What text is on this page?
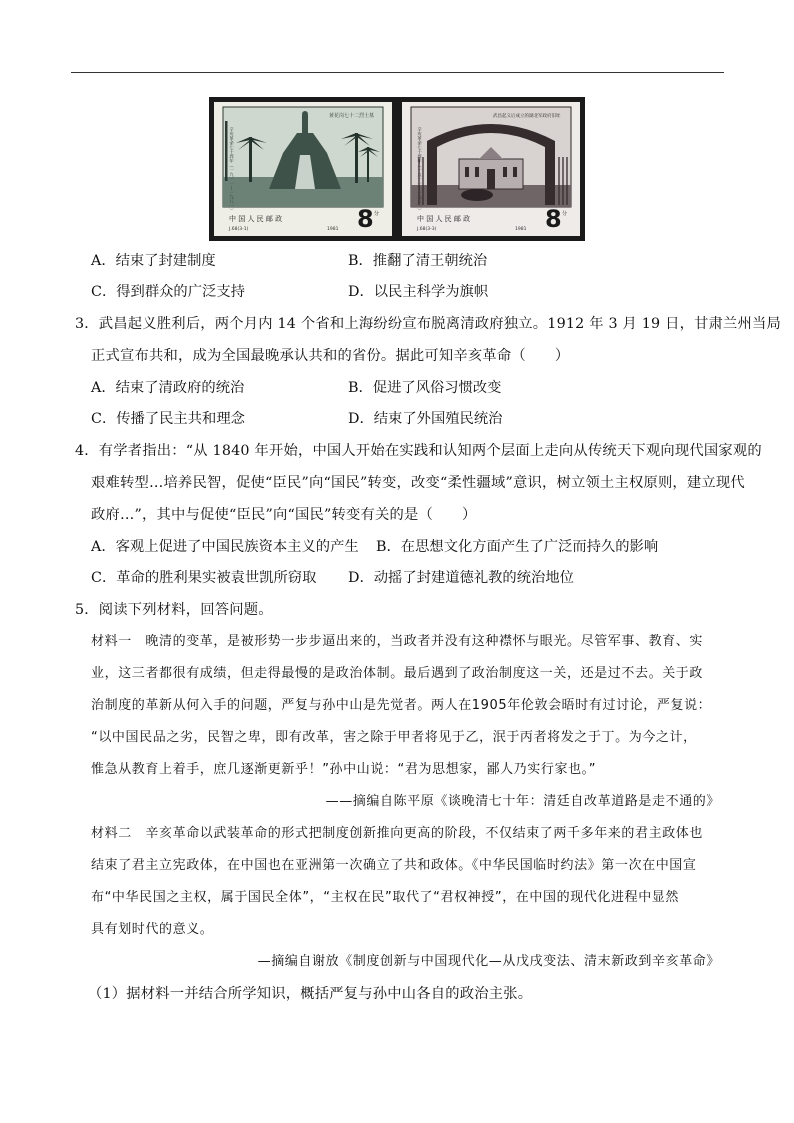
黄花岗七十二烈士墓
辛亥革命七十周年（一九一一—一九八一）
中 国 人 民 邮 政	8 分
J.68(3-1)	1981
武昌起义后成立的湖北军政府旧址
辛亥革命七十周年（一九一一—一九八一）
中 国 人 民 邮 政	8 分
J.68(3-3)	1981
A．结束了封建制度	B．推翻了清王朝统治
C．得到群众的广泛支持	D．以民主科学为旗帜
3．武昌起义胜利后，两个月内 14 个省和上海纷纷宣布脱离清政府独立。1912 年 3 月 19 日，甘肃兰州当局
正式宣布共和，成为全国最晚承认共和的省份。据此可知辛亥革命（　　）
A．结束了清政府的统治	B．促进了风俗习惯改变
C．传播了民主共和理念	D．结束了外国殖民统治
4．有学者指出：“从 1840 年开始，中国人开始在实践和认知两个层面上走向从传统天下观向现代国家观的
艰难转型…培养民智，促使“臣民”向“国民”转变，改变“柔性疆域”意识，树立领土主权原则，建立现代
政府…”，其中与促使“臣民”向“国民”转变有关的是（　　）
A．客观上促进了中国民族资本主义的产生 B．在思想文化方面产生了广泛而持久的影响
C．革命的胜利果实被袁世凯所窃取 D．动摇了封建道德礼教的统治地位
5．阅读下列材料，回答问题。
材料一　晚清的变革，是被形势一步步逼出来的，当政者并没有这种襟怀与眼光。尽管军事、教育、实
业，这三者都很有成绩，但走得最慢的是政治体制。最后遇到了政治制度这一关，还是过不去。关于政
治制度的革新从何入手的问题，严复与孙中山是先觉者。两人在1905年伦敦会晤时有过讨论，严复说：
“以中国民品之劣，民智之卑，即有改革，害之除于甲者将见于乙，泯于丙者将发之于丁。为今之计，
惟急从教育上着手，庶几逐渐更新乎！”孙中山说：“君为思想家，鄙人乃实行家也。”
——摘编自陈平原《谈晚清七十年：清廷自改革道路是走不通的》
材料二　辛亥革命以武装革命的形式把制度创新推向更高的阶段，不仅结束了两千多年来的君主政体也
结束了君主立宪政体，在中国也在亚洲第一次确立了共和政体。《中华民国临时约法》第一次在中国宣
布“中华民国之主权，属于国民全体”，“主权在民”取代了“君权神授”，在中国的现代化进程中显然
具有划时代的意义。
—摘编自谢放《制度创新与中国现代化—从戊戌变法、清末新政到辛亥革命》
（1）据材料一并结合所学知识，概括严复与孙中山各自的政治主张。
